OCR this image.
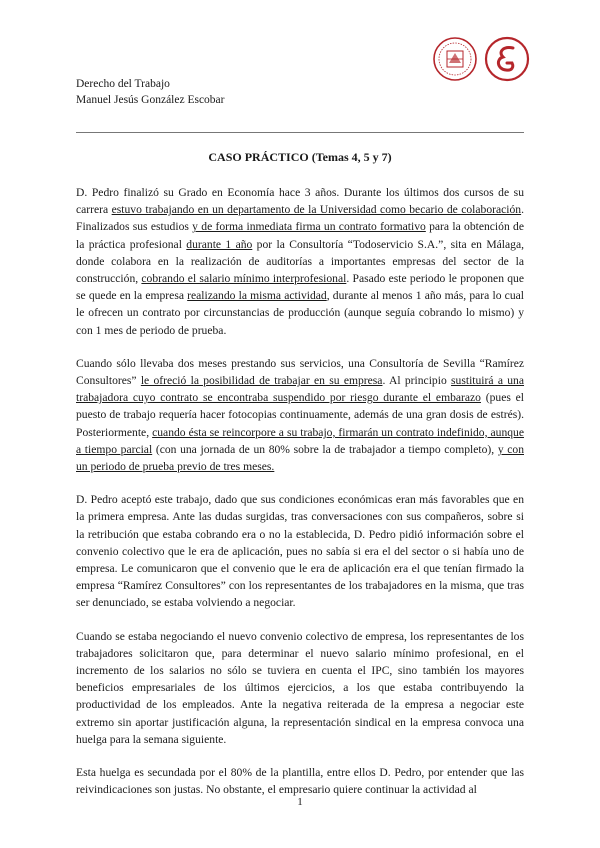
Derecho del Trabajo
Manuel Jesús González Escobar
CASO PRÁCTICO (Temas 4, 5 y 7)

D. Pedro finalizó su Grado en Economía hace 3 años. Durante los últimos dos cursos de su carrera estuvo trabajando en un departamento de la Universidad como becario de colaboración. Finalizados sus estudios y de forma inmediata firma un contrato formativo para la obtención de la práctica profesional durante 1 año por la Consultoría “Todoservicio S.A.”, sita en Málaga, donde colabora en la realización de auditorías a importantes empresas del sector de la construcción, cobrando el salario mínimo interprofesional. Pasado este periodo le proponen que se quede en la empresa realizando la misma actividad, durante al menos 1 año más, para lo cual le ofrecen un contrato por circunstancias de producción (aunque seguía cobrando lo mismo) y con 1 mes de periodo de prueba.

Cuando sólo llevaba dos meses prestando sus servicios, una Consultoría de Sevilla “Ramírez Consultores” le ofreció la posibilidad de trabajar en su empresa. Al principio sustituirá a una trabajadora cuyo contrato se encontraba suspendido por riesgo durante el embarazo (pues el puesto de trabajo requería hacer fotocopias continuamente, además de una gran dosis de estrés). Posteriormente, cuando ésta se reincorpore a su trabajo, firmarán un contrato indefinido, aunque a tiempo parcial (con una jornada de un 80% sobre la de trabajador a tiempo completo), y con un periodo de prueba previo de tres meses.

D. Pedro aceptó este trabajo, dado que sus condiciones económicas eran más favorables que en la primera empresa. Ante las dudas surgidas, tras conversaciones con sus compañeros, sobre si la retribución que estaba cobrando era o no la establecida, D. Pedro pidió información sobre el convenio colectivo que le era de aplicación, pues no sabía si era el del sector o si había uno de empresa. Le comunicaron que el convenio que le era de aplicación era el que tenían firmado la empresa “Ramírez Consultores” con los representantes de los trabajadores en la misma, que tras ser denunciado, se estaba volviendo a negociar.

Cuando se estaba negociando el nuevo convenio colectivo de empresa, los representantes de los trabajadores solicitaron que, para determinar el nuevo salario mínimo profesional, en el incremento de los salarios no sólo se tuviera en cuenta el IPC, sino también los mayores beneficios empresariales de los últimos ejercicios, a los que estaba contribuyendo la productividad de los empleados. Ante la negativa reiterada de la empresa a negociar este extremo sin aportar justificación alguna, la representación sindical en la empresa convoca una huelga para la semana siguiente.

Esta huelga es secundada por el 80% de la plantilla, entre ellos D. Pedro, por entender que las reivindicaciones son justas. No obstante, el empresario quiere continuar la actividad al

1
